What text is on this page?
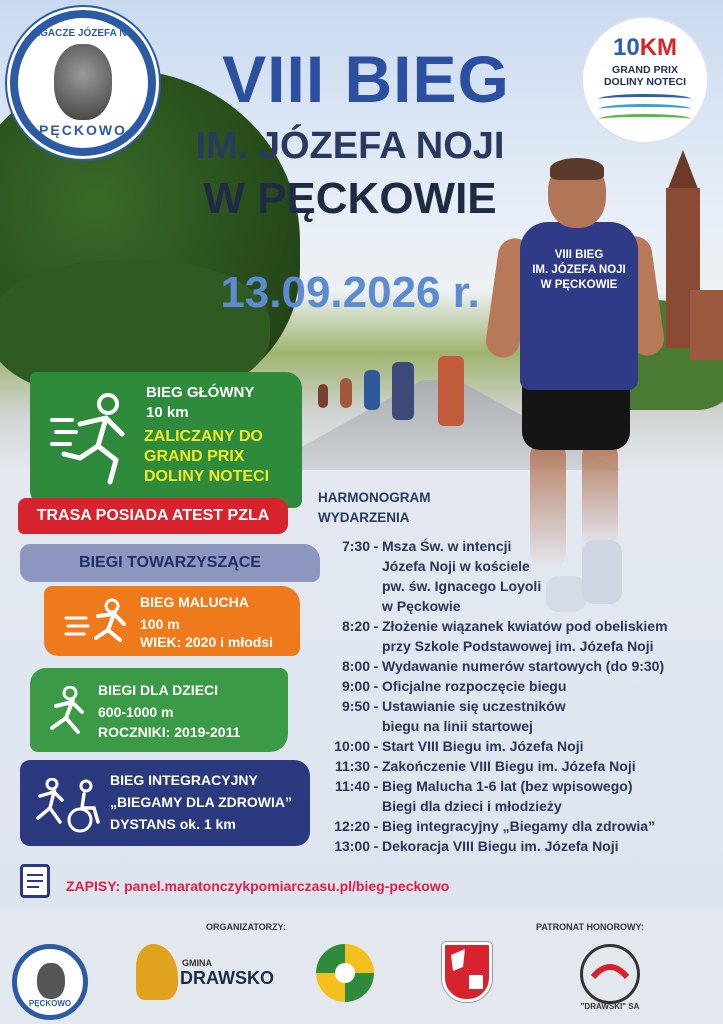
VIII BIEG
IM. JÓZEFA NOJI
W PĘCKOWIE
BIEGACZE JÓZEFA NOJI
PĘCKOWO
10KM
GRAND PRIX
DOLINY NOTECI
VIII BIEG
IM. JÓZEFA NOJI
W PĘCKOWIE
13.09.2026 r.
BIEG GŁÓWNY
10 km
ZALICZANY DO
GRAND PRIX
DOLINY NOTECI
TRASA POSIADA ATEST PZLA
BIEGI TOWARZYSZĄCE
BIEG MALUCHA
100 m
WIEK: 2020 i młodsi
BIEGI DLA DZIECI
600-1000 m
ROCZNIKI: 2019-2011
BIEG INTEGRACYJNY
„BIEGAMY DLA ZDROWIA”
DYSTANS ok. 1 km
HARMONOGRAM
WYDARZENIA
7:30 - Msza Św. w intencji
Józefa Noji w kościele
pw. św. Ignacego Loyoli
w Pęckowie
8:20 - Złożenie wiązanek kwiatów pod obeliskiem
przy Szkole Podstawowej im. Józefa Noji
8:00 - Wydawanie numerów startowych (do 9:30)
9:00 - Oficjalne rozpoczęcie biegu
9:50 - Ustawianie się uczestników
biegu na linii startowej
10:00 - Start VIII Biegu im. Józefa Noji
11:30 - Zakończenie VIII Biegu im. Józefa Noji
11:40 - Bieg Malucha 1-6 lat (bez wpisowego)
Biegi dla dzieci i młodzieży
12:20 - Bieg integracyjny „Biegamy dla zdrowia”
13:00 - Dekoracja VIII Biegu im. Józefa Noji
ZAPISY: panel.maratonczykpomiarczasu.pl/bieg-peckowo
ORGANIZATORZY:	PATRONAT HONOROWY:
PĘCKOWO
GMINA
DRAWSKO
"DRAWSKI" SA
